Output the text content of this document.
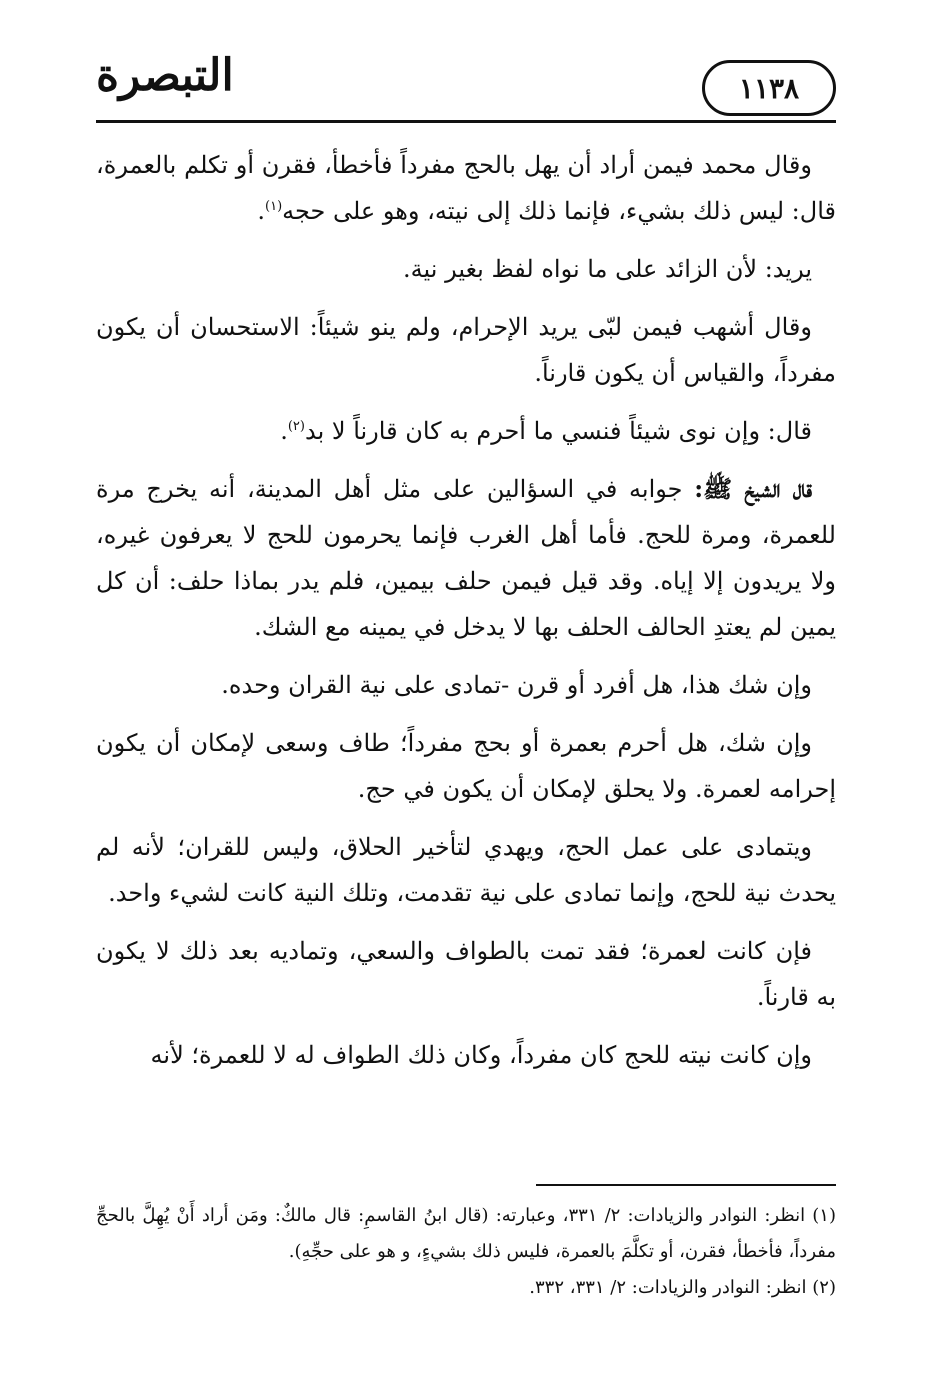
١١٣٨
التبصرة

وقال محمد فيمن أراد أن يهل بالحج مفرداً فأخطأ، فقرن أو تكلم بالعمرة، قال: ليس ذلك بشيء، فإنما ذلك إلى نيته، وهو على حجه$^{(١)}$.

يريد: لأن الزائد على ما نواه لفظ بغير نية.

وقال أشهب فيمن لبّى يريد الإحرام، ولم ينو شيئاً: الاستحسان أن يكون مفرداً، والقياس أن يكون قارناً.

قال: وإن نوى شيئاً فنسي ما أحرم به كان قارناً لا بد$^{(٢)}$.

قال الشيخ ﷺ: جوابه في السؤالين على مثل أهل المدينة، أنه يخرج مرة للعمرة، ومرة للحج. فأما أهل الغرب فإنما يحرمون للحج لا يعرفون غيره، ولا يريدون إلا إياه. وقد قيل فيمن حلف بيمين، فلم يدر بماذا حلف: أن كل يمين لم يعتدِ الحالف الحلف بها لا يدخل في يمينه مع الشك.

وإن شك هذا، هل أفرد أو قرن -تمادى على نية القران وحده.

وإن شك، هل أحرم بعمرة أو بحج مفرداً؛ طاف وسعى لإمكان أن يكون إحرامه لعمرة. ولا يحلق لإمكان أن يكون في حج.

ويتمادى على عمل الحج، ويهدي لتأخير الحلاق، وليس للقران؛ لأنه لم يحدث نية للحج، وإنما تمادى على نية تقدمت، وتلك النية كانت لشيء واحد.

فإن كانت لعمرة؛ فقد تمت بالطواف والسعي، وتماديه بعد ذلك لا يكون به قارناً.

وإن كانت نيته للحج كان مفرداً، وكان ذلك الطواف له لا للعمرة؛ لأنه

(١) انظر: النوادر والزيادات: ٢/ ٣٣١، وعبارته: (قال ابنُ القاسمِ: قال مالكٌ: ومَن أراد أَنْ يُهِلَّ بالحجِّ مفرداً، فأخطأ، فقرن، أو تكلَّمَ بالعمرة، فليس ذلك بشيءٍ، و هو على حجِّهِ).

(٢) انظر: النوادر والزيادات: ٢/ ٣٣١، ٣٣٢.
